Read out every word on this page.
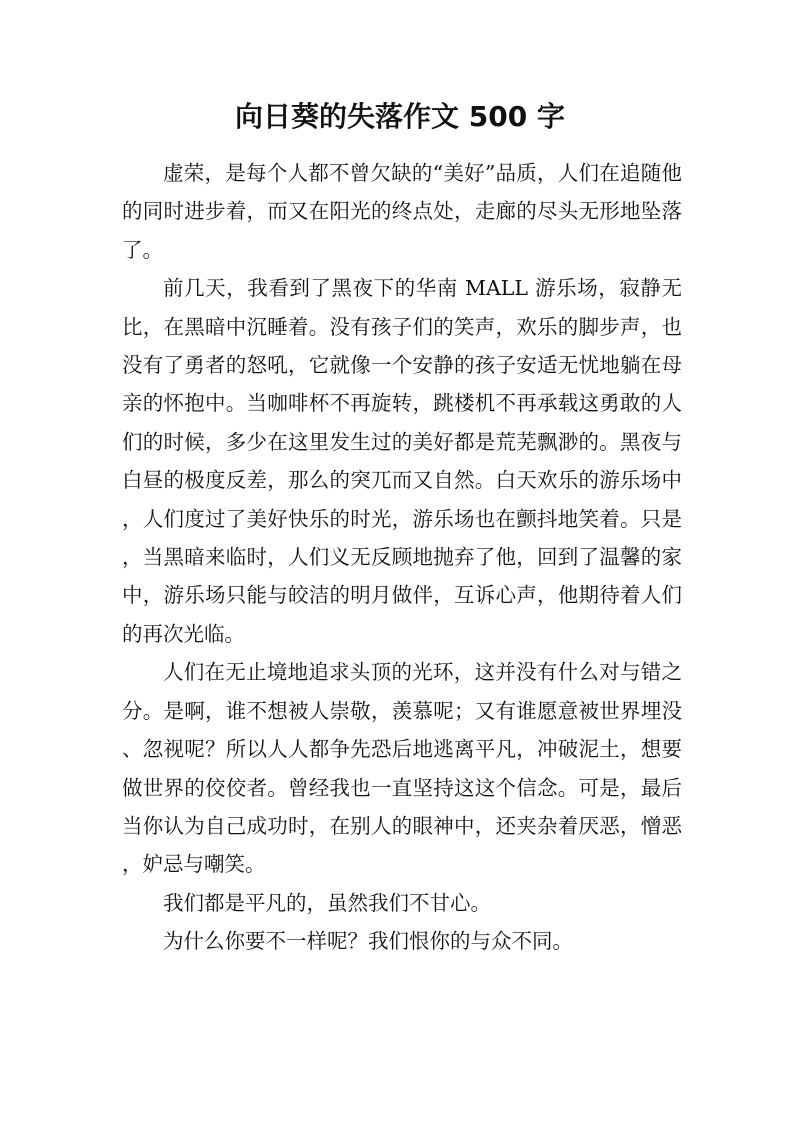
向日葵的失落作文 500 字

虚荣，是每个人都不曾欠缺的“美好”品质，人们在追随他的同时进步着，而又在阳光的终点处，走廊的尽头无形地坠落了。

前几天，我看到了黑夜下的华南 MALL 游乐场，寂静无比，在黑暗中沉睡着。没有孩子们的笑声，欢乐的脚步声，也没有了勇者的怒吼，它就像一个安静的孩子安适无忧地躺在母亲的怀抱中。当咖啡杯不再旋转，跳楼机不再承载这勇敢的人们的时候，多少在这里发生过的美好都是荒芜飘渺的。黑夜与白昼的极度反差，那么的突兀而又自然。白天欢乐的游乐场中，人们度过了美好快乐的时光，游乐场也在颤抖地笑着。只是，当黑暗来临时，人们义无反顾地抛弃了他，回到了温馨的家中，游乐场只能与皎洁的明月做伴，互诉心声，他期待着人们的再次光临。

人们在无止境地追求头顶的光环，这并没有什么对与错之分。是啊，谁不想被人崇敬，羡慕呢；又有谁愿意被世界埋没、忽视呢？所以人人都争先恐后地逃离平凡，冲破泥土，想要做世界的佼佼者。曾经我也一直坚持这这个信念。可是，最后当你认为自己成功时，在别人的眼神中，还夹杂着厌恶，憎恶，妒忌与嘲笑。

我们都是平凡的，虽然我们不甘心。

为什么你要不一样呢？我们恨你的与众不同。
